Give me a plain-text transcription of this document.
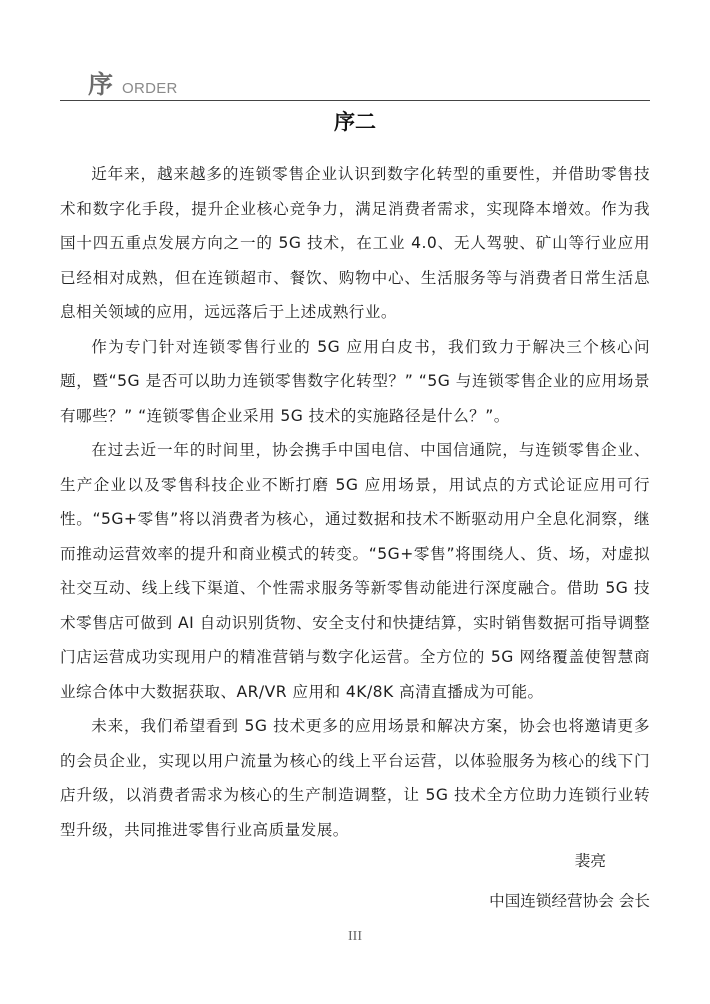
序 ORDER
序二

近年来，越来越多的连锁零售企业认识到数字化转型的重要性，并借助零售技术和数字化手段，提升企业核心竞争力，满足消费者需求，实现降本增效。作为我国十四五重点发展方向之一的 5G 技术，在工业 4.0、无人驾驶、矿山等行业应用已经相对成熟，但在连锁超市、餐饮、购物中心、生活服务等与消费者日常生活息息相关领域的应用，远远落后于上述成熟行业。

作为专门针对连锁零售行业的 5G 应用白皮书，我们致力于解决三个核心问题，暨“5G 是否可以助力连锁零售数字化转型？” “5G 与连锁零售企业的应用场景有哪些？” “连锁零售企业采用 5G 技术的实施路径是什么？”。

在过去近一年的时间里，协会携手中国电信、中国信通院，与连锁零售企业、生产企业以及零售科技企业不断打磨 5G 应用场景，用试点的方式论证应用可行性。“5G+零售”将以消费者为核心，通过数据和技术不断驱动用户全息化洞察，继而推动运营效率的提升和商业模式的转变。“5G+零售”将围绕人、货、场，对虚拟社交互动、线上线下渠道、个性需求服务等新零售动能进行深度融合。借助 5G 技术零售店可做到 AI 自动识别货物、安全支付和快捷结算，实时销售数据可指导调整门店运营成功实现用户的精准营销与数字化运营。全方位的 5G 网络覆盖使智慧商业综合体中大数据获取、AR/VR 应用和 4K/8K 高清直播成为可能。

未来，我们希望看到 5G 技术更多的应用场景和解决方案，协会也将邀请更多的会员企业，实现以用户流量为核心的线上平台运营，以体验服务为核心的线下门店升级，以消费者需求为核心的生产制造调整，让 5G 技术全方位助力连锁行业转型升级，共同推进零售行业高质量发展。

裴亮
中国连锁经营协会 会长
III
